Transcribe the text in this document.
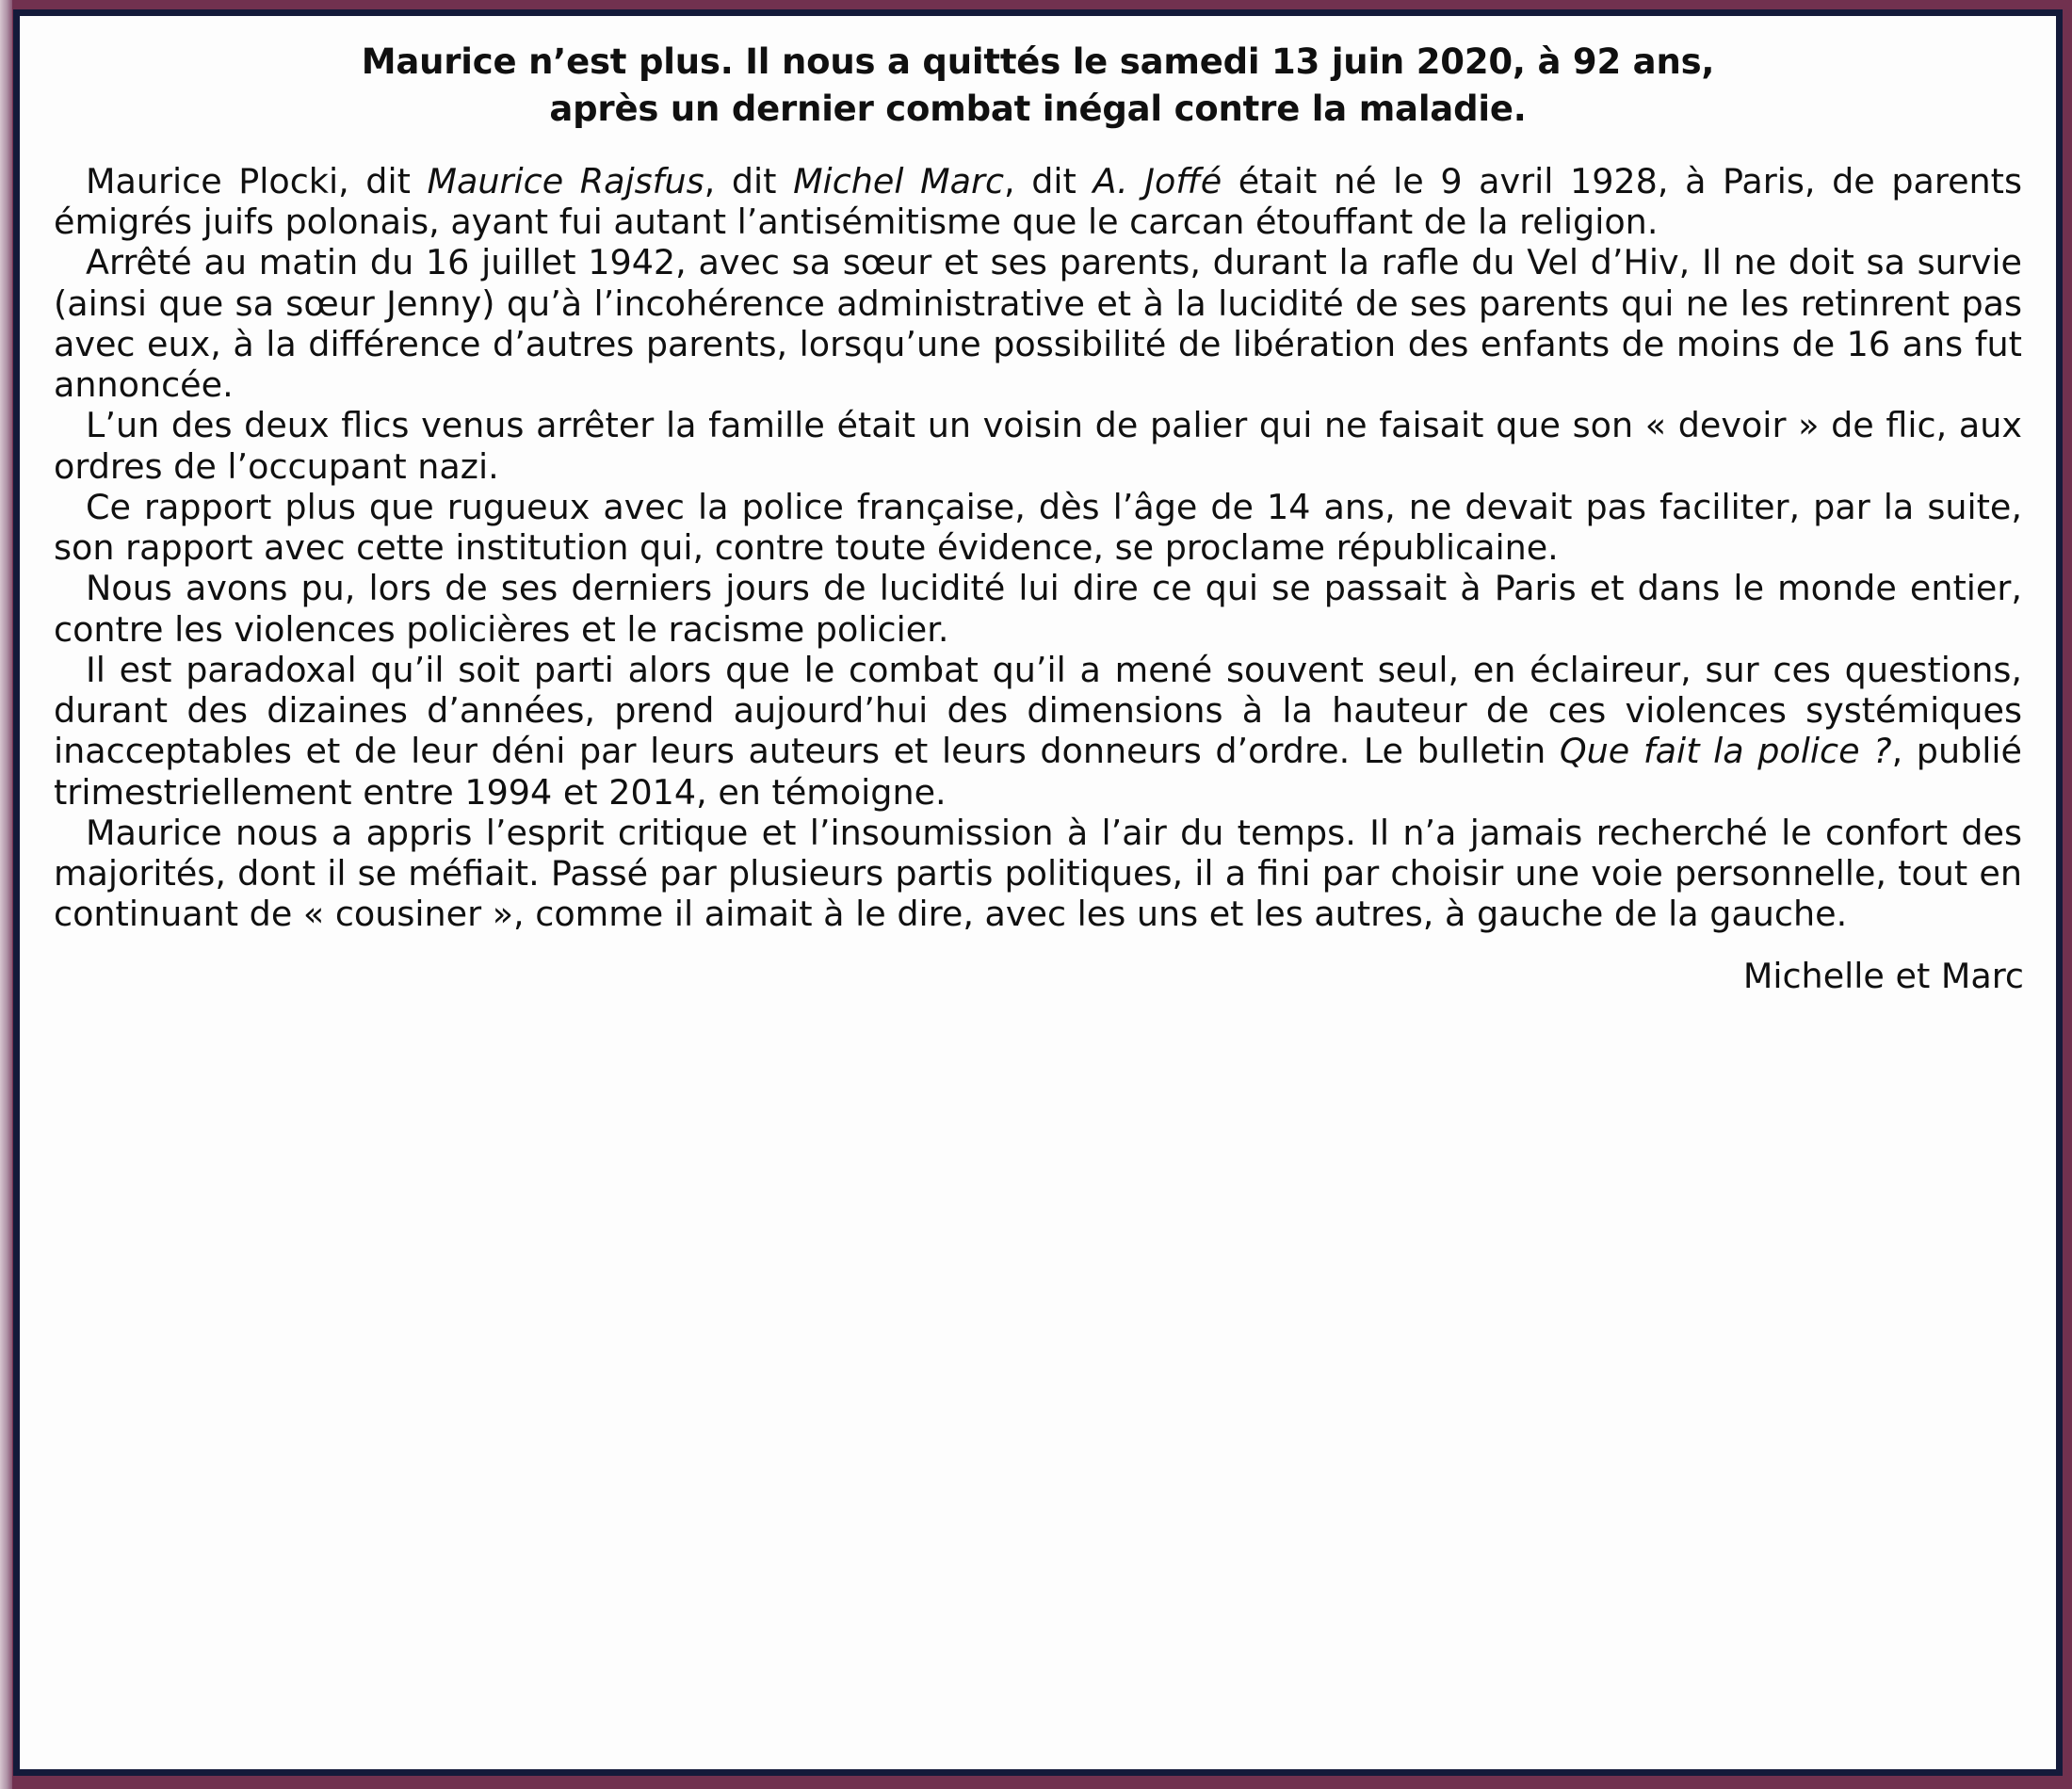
Maurice n’est plus. Il nous a quittés le samedi 13 juin 2020, à 92 ans,
après un dernier combat inégal contre la maladie.

Maurice Plocki, dit Maurice Rajsfus, dit Michel Marc, dit A. Joffé était né le 9 avril 1928, à Paris, de parents émigrés juifs polonais, ayant fui autant l’antisémitisme que le carcan étouffant de la religion.

Arrêté au matin du 16 juillet 1942, avec sa sœur et ses parents, durant la rafle du Vel d’Hiv, Il ne doit sa survie (ainsi que sa sœur Jenny) qu’à l’incohérence administrative et à la lucidité de ses parents qui ne les retinrent pas avec eux, à la différence d’autres parents, lorsqu’une possibilité de libération des enfants de moins de 16 ans fut annoncée.

L’un des deux flics venus arrêter la famille était un voisin de palier qui ne faisait que son « devoir » de flic, aux ordres de l’occupant nazi.

Ce rapport plus que rugueux avec la police française, dès l’âge de 14 ans, ne devait pas faciliter, par la suite, son rapport avec cette institution qui, contre toute évidence, se proclame républicaine.

Nous avons pu, lors de ses derniers jours de lucidité lui dire ce qui se passait à Paris et dans le monde entier, contre les violences policières et le racisme policier.

Il est paradoxal qu’il soit parti alors que le combat qu’il a mené souvent seul, en éclaireur, sur ces questions, durant des dizaines d’années, prend aujourd’hui des dimensions à la hauteur de ces violences systémiques inacceptables et de leur déni par leurs auteurs et leurs donneurs d’ordre. Le bulletin Que fait la police ?, publié trimestriellement entre 1994 et 2014, en témoigne.

Maurice nous a appris l’esprit critique et l’insoumission à l’air du temps. Il n’a jamais recherché le confort des majorités, dont il se méfiait. Passé par plusieurs partis politiques, il a fini par choisir une voie personnelle, tout en continuant de « cousiner », comme il aimait à le dire, avec les uns et les autres, à gauche de la gauche.

Michelle et Marc
